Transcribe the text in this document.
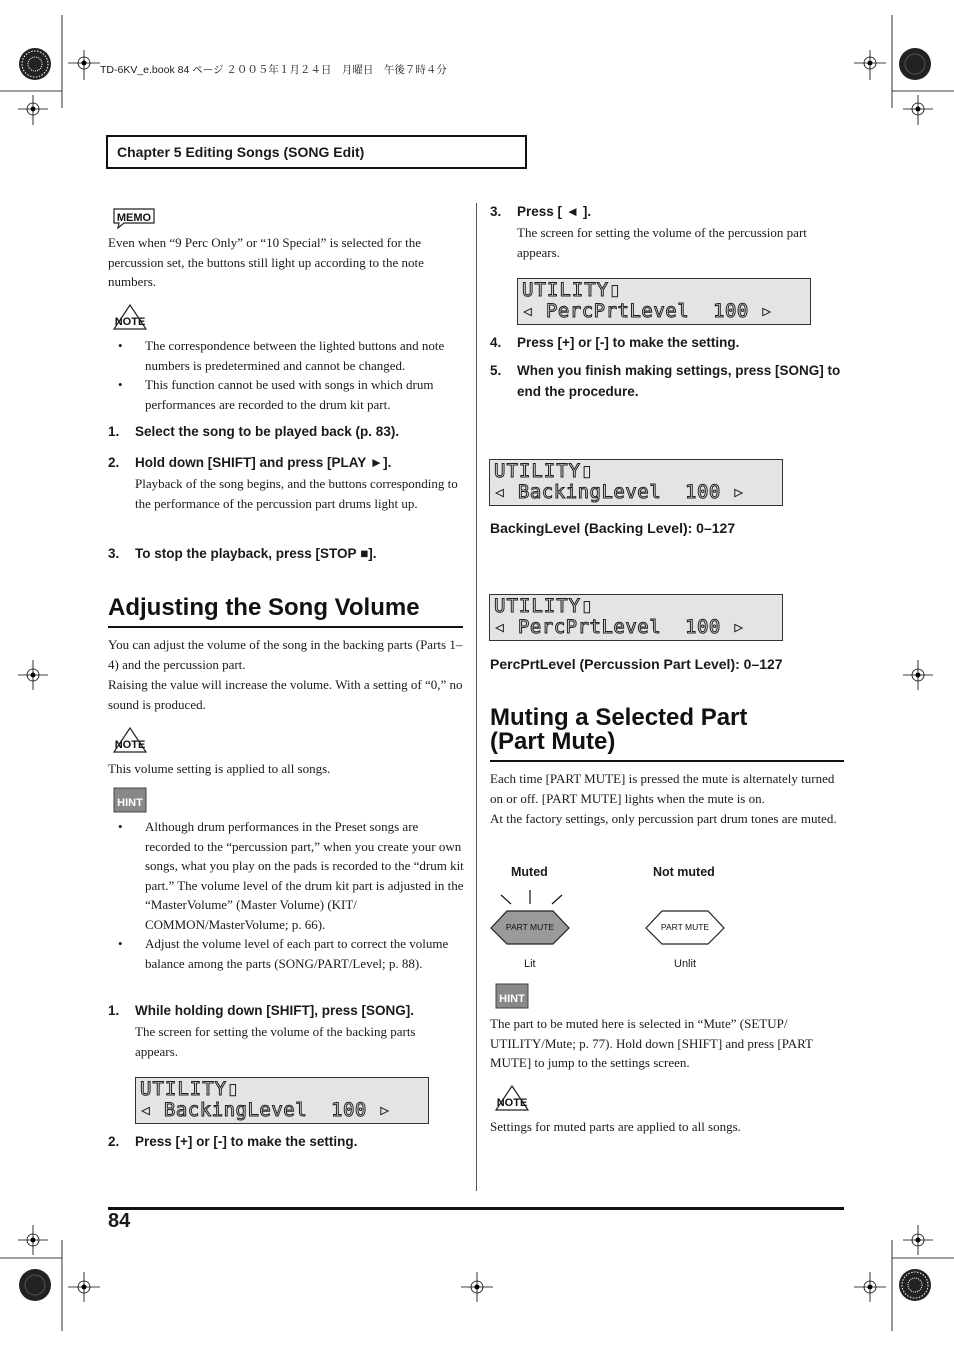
TD-6KV_e.book 84 ページ ２００５年１月２４日　月曜日　午後７時４分
Chapter 5 Editing Songs (SONG Edit)
MEMO
Even when “9 Perc Only” or “10 Special” is selected for the percussion set, the buttons still light up according to the note numbers.
NOTE
• The correspondence between the lighted buttons and note numbers is predetermined and cannot be changed.
• This function cannot be used with songs in which drum performances are recorded to the drum kit part.
1. Select the song to be played back (p. 83).
2. Hold down [SHIFT] and press [PLAY ►].
Playback of the song begins, and the buttons corresponding to the performance of the percussion part drums light up.
3. To stop the playback, press [STOP ■].
Adjusting the Song Volume
You can adjust the volume of the song in the backing parts (Parts 1–4) and the percussion part.
Raising the value will increase the volume. With a setting of “0,” no sound is produced.
NOTE
This volume setting is applied to all songs.
HINT
• Although drum performances in the Preset songs are recorded to the “percussion part,” when you create your own songs, what you play on the pads is recorded to the “drum kit part.” The volume level of the drum kit part is adjusted in the “MasterVolume” (Master Volume) (KIT/ COMMON/MasterVolume; p. 66).
• Adjust the volume level of each part to correct the volume balance among the parts (SONG/PART/Level; p. 88).
1. While holding down [SHIFT], press [SONG].
The screen for setting the volume of the backing parts appears.
UTILITY▮
◂ BackingLevel  100 ▸
2. Press [+] or [-] to make the setting.
3. Press [ ◄ ].
The screen for setting the volume of the percussion part appears.
UTILITY▮
◂ PercPrtLevel  100 ▸
4. Press [+] or [-] to make the setting.
5. When you finish making settings, press [SONG] to end the procedure.
UTILITY▮
◂ BackingLevel  100 ▸
BackingLevel (Backing Level): 0–127
UTILITY▮
◂ PercPrtLevel  100 ▸
PercPrtLevel (Percussion Part Level): 0–127
Muting a Selected Part
(Part Mute)
Each time [PART MUTE] is pressed the mute is alternately turned on or off. [PART MUTE] lights when the mute is on.
At the factory settings, only percussion part drum tones are muted.
Muted	Not muted
PART MUTE	PART MUTE
Lit	Unlit
HINT
The part to be muted here is selected in “Mute” (SETUP/ UTILITY/Mute; p. 77). Hold down [SHIFT] and press [PART MUTE] to jump to the settings screen.
NOTE
Settings for muted parts are applied to all songs.
84
